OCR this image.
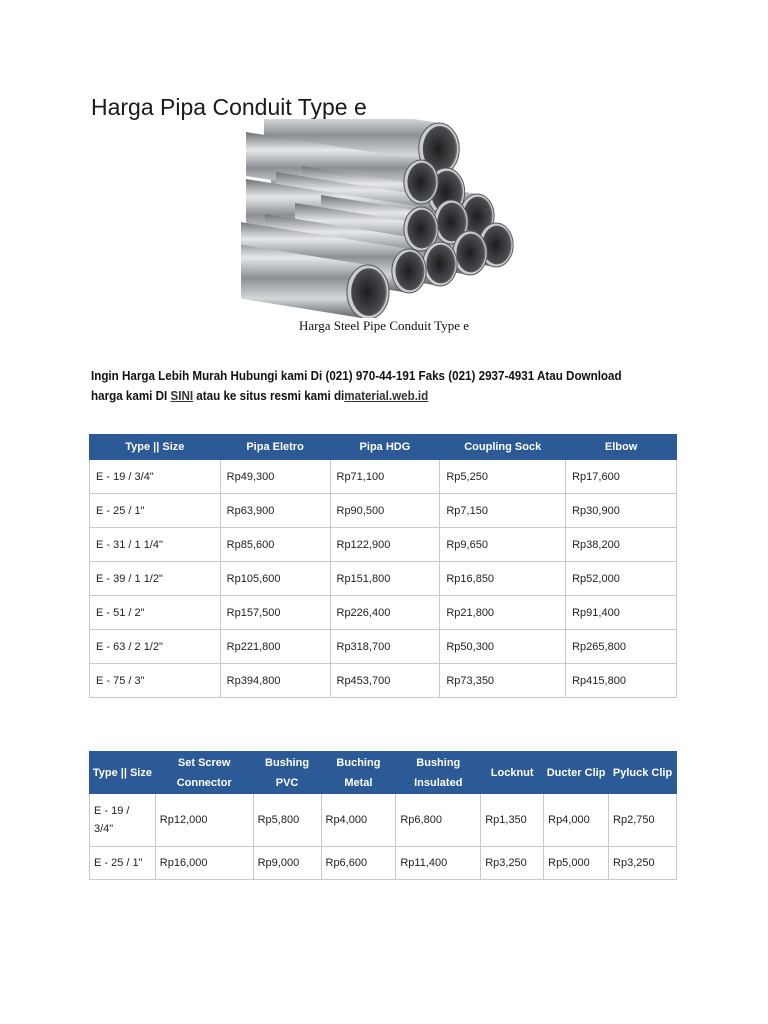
Harga Pipa Conduit Type e
Harga Steel Pipe Conduit Type e
Ingin Harga Lebih Murah Hubungi kami Di (021) 970-44-191 Faks (021) 2937-4931 Atau Download harga kami DI SINI atau ke situs resmi kami dimaterial.web.id
Type || Size	Pipa Eletro	Pipa HDG	Coupling Sock	Elbow
E - 19 / 3/4"	Rp49,300	Rp71,100	Rp5,250	Rp17,600
E - 25 / 1"	Rp63,900	Rp90,500	Rp7,150	Rp30,900
E - 31 / 1 1/4"	Rp85,600	Rp122,900	Rp9,650	Rp38,200
E - 39 / 1 1/2"	Rp105,600	Rp151,800	Rp16,850	Rp52,000
E - 51 / 2"	Rp157,500	Rp226,400	Rp21,800	Rp91,400
E - 63 / 2 1/2"	Rp221,800	Rp318,700	Rp50,300	Rp265,800
E - 75 / 3"	Rp394,800	Rp453,700	Rp73,350	Rp415,800
Type || Size	Set Screw Connector	Bushing PVC	Buching Metal	Bushing Insulated	Locknut	Ducter Clip	Pyluck Clip
E - 19 / 3/4"	Rp12,000	Rp5,800	Rp4,000	Rp6,800	Rp1,350	Rp4,000	Rp2,750
E - 25 / 1"	Rp16,000	Rp9,000	Rp6,600	Rp11,400	Rp3,250	Rp5,000	Rp3,250
